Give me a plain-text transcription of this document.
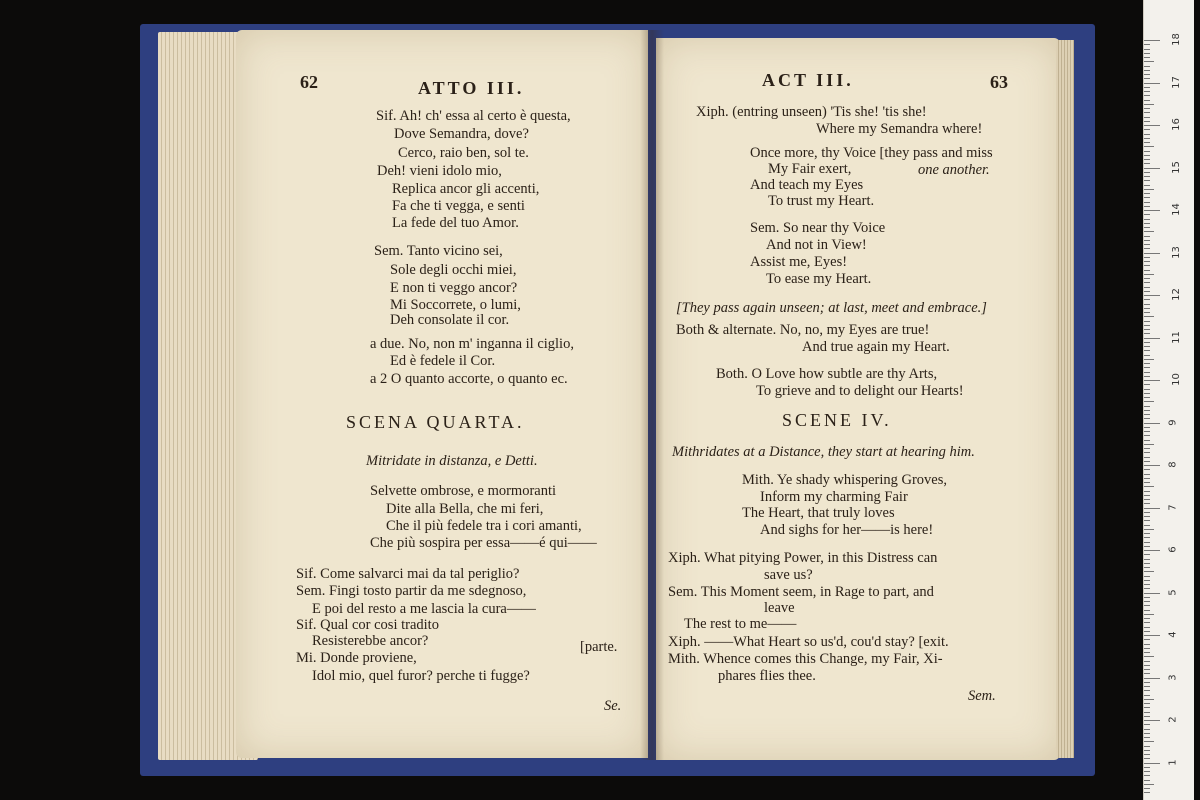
62	ATTO III.
Sif. Ah! ch' essa al certo è questa,
Dove Semandra, dove?
Cerco, raio ben, sol te.
Deh! vieni idolo mio,
Replica ancor gli accenti,
Fa che ti vegga, e senti
La fede del tuo Amor.
Sem. Tanto vicino sei,
Sole degli occhi miei,
E non ti veggo ancor?
Mi Soccorrete, o lumi,
Deh consolate il cor.
a due. No, non m' inganna il ciglio,
Ed è fedele il Cor.
a 2 O quanto accorte, o quanto ec.
SCENA QUARTA.
Mitridate in distanza, e Detti.
Selvette ombrose, e mormoranti
Dite alla Bella, che mi feri,
Che il più fedele tra i cori amanti,
Che più sospira per essa——é qui——
Sif. Come salvarci mai da tal periglio?
Sem. Fingi tosto partir da me sdegnoso,
E poi del resto a me lascia la cura——
Sif. Qual cor cosi tradito
Resisterebbe ancor?	[parte.
Mi. Donde proviene,
Idol mio, quel furor? perche ti fugge?
Se.
ACT III.	63
Xiph. (entring unseen) 'Tis she! 'tis she!
Where my Semandra where!
Once more, thy Voice [they pass and miss
My Fair exert,	one another.
And teach my Eyes
To trust my Heart.
Sem. So near thy Voice
And not in View!
Assist me, Eyes!
To ease my Heart.
[They pass again unseen; at last, meet and embrace.]
Both & alternate. No, no, my Eyes are true!
And true again my Heart.
Both. O Love how subtle are thy Arts,
To grieve and to delight our Hearts!
SCENE IV.
Mithridates at a Distance, they start at hearing him.
Mith. Ye shady whispering Groves,
Inform my charming Fair
The Heart, that truly loves
And sighs for her——is here!
Xiph. What pitying Power, in this Distress can
save us?
Sem. This Moment seem, in Rage to part, and
leave
The rest to me——
Xiph. ——What Heart so us'd, cou'd stay? [exit.
Mith. Whence comes this Change, my Fair, Xi-
phares flies thee.
Sem.
18
17
16
15
14
13
12
11
10
9
8
7
6
5
4
3
2
1
